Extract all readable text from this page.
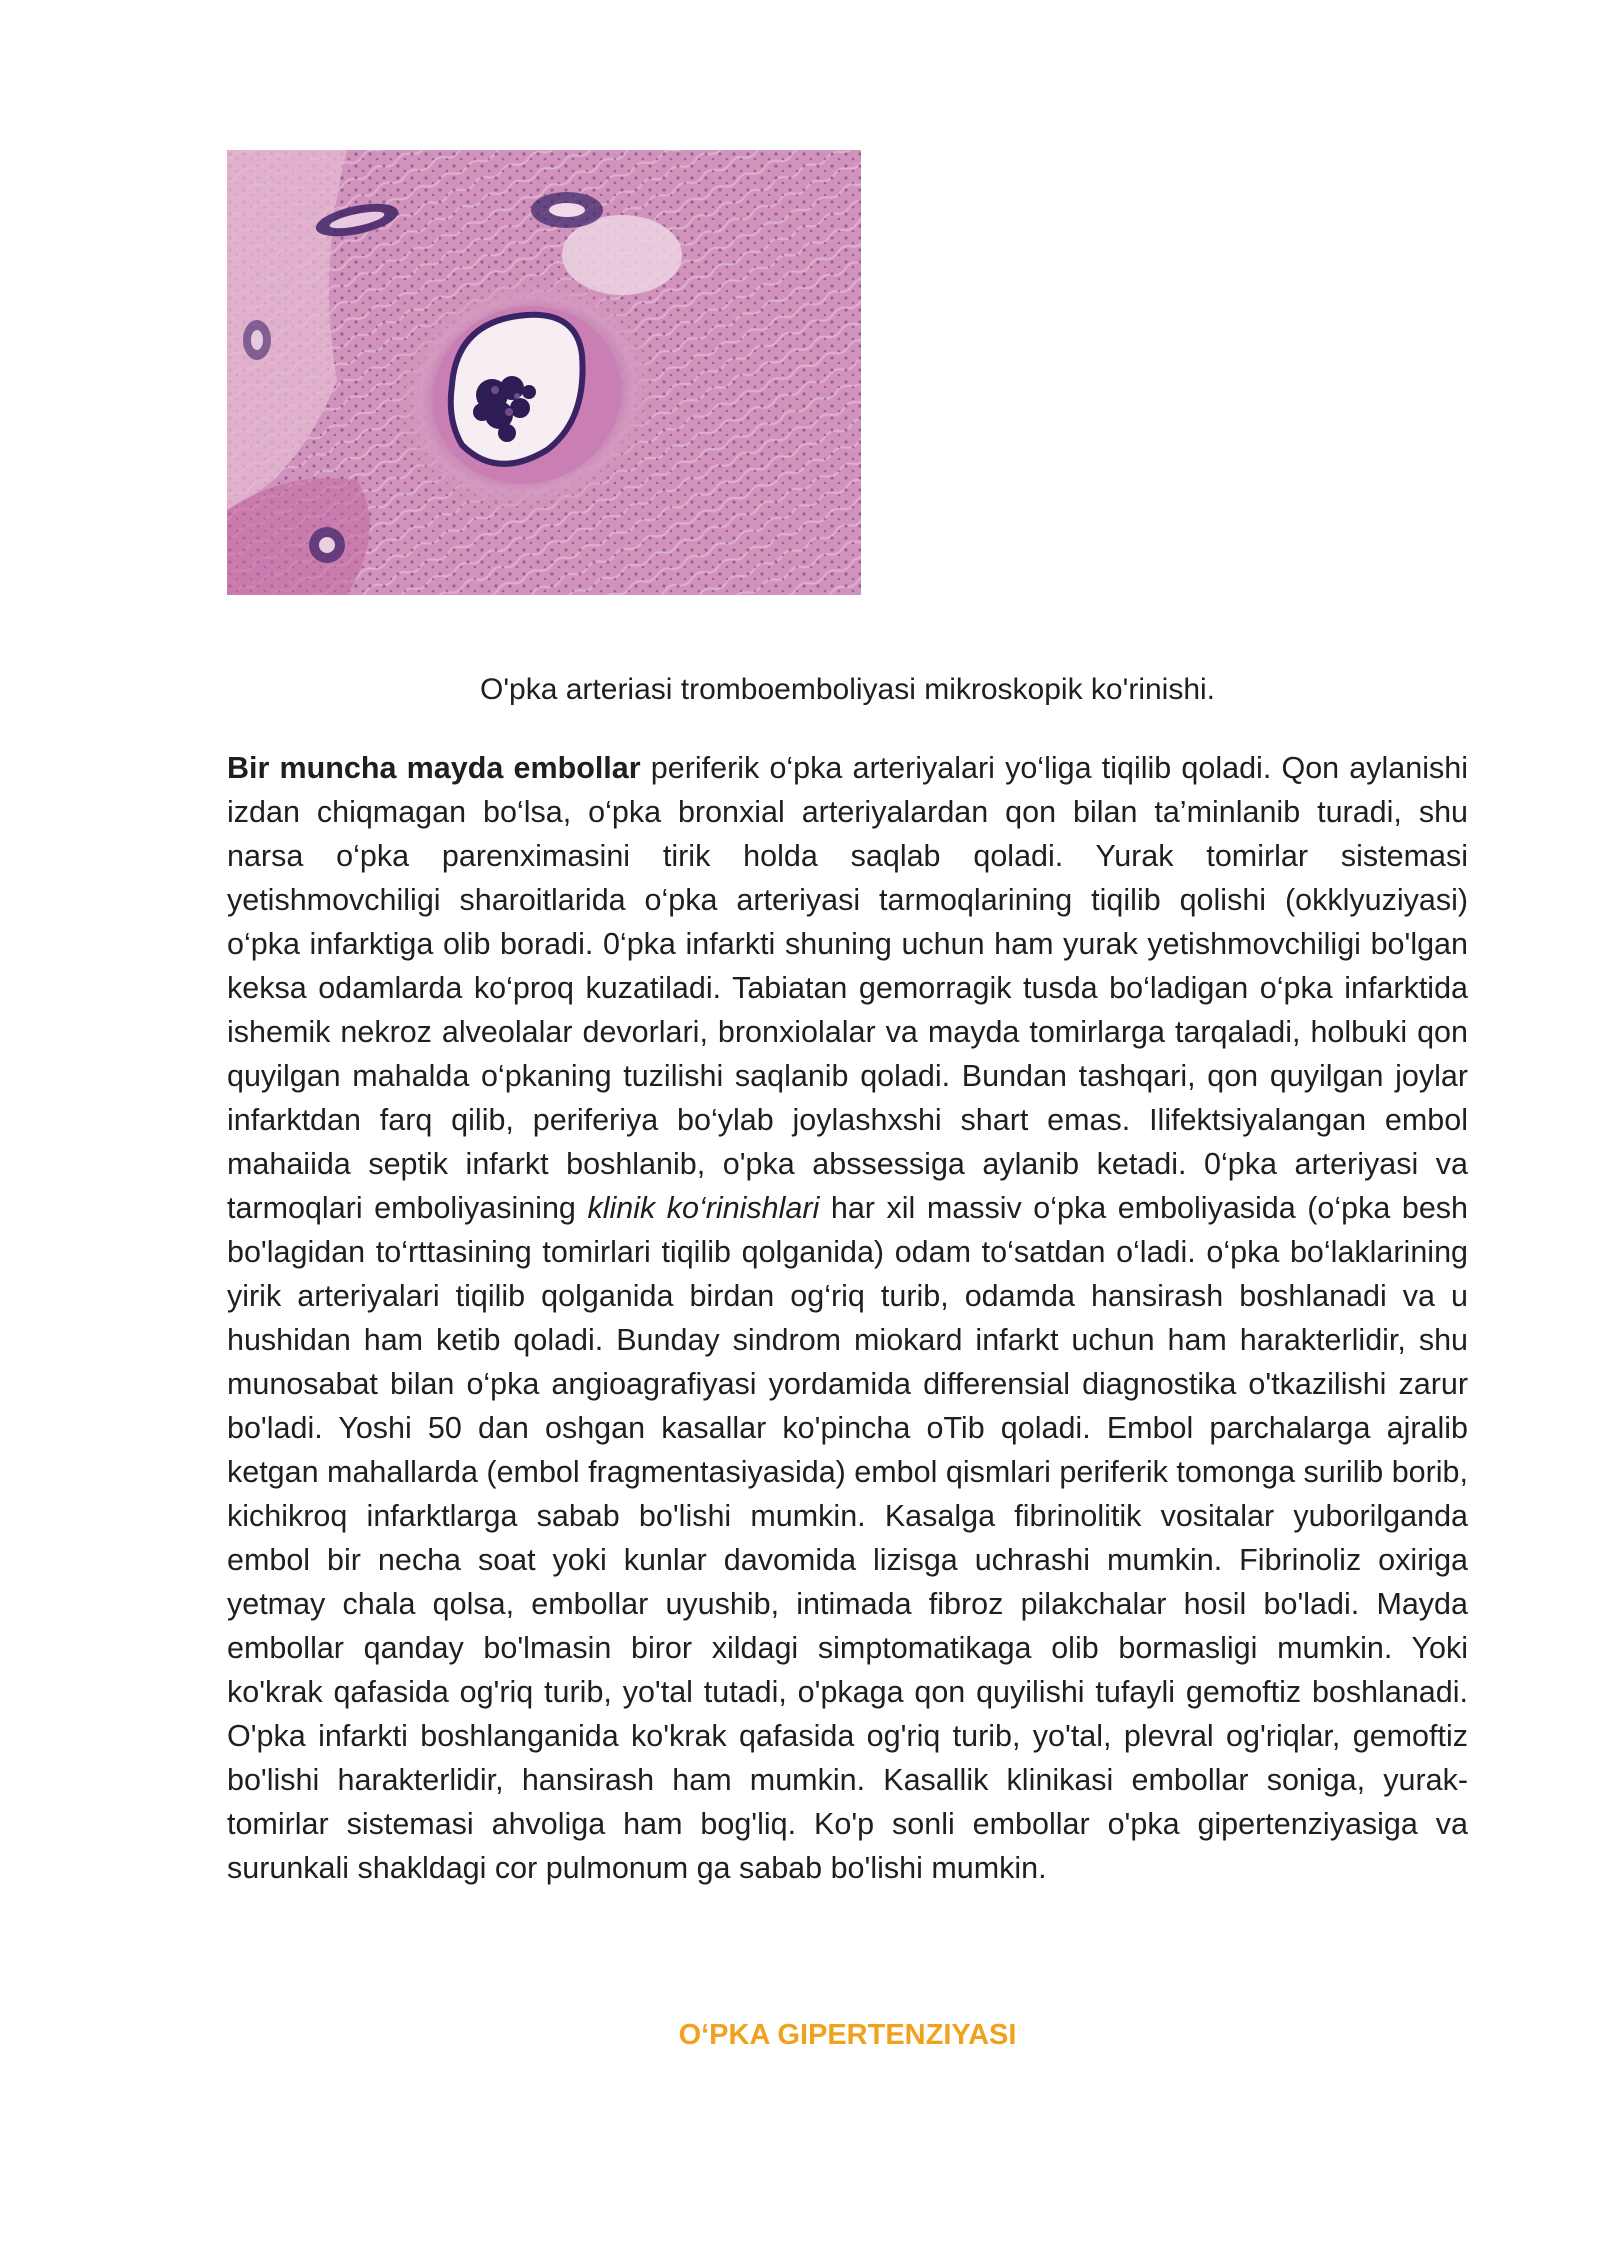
O'pka arteriasi tromboemboliyasi mikroskopik ko'rinishi.

Bir muncha mayda embollar periferik o‘pka arteriyalari yo‘liga tiqilib qoladi. Qon aylanishi izdan chiqmagan bo‘lsa, o‘pka bronxial arteriyalardan qon bilan ta’minlanib turadi, shu narsa o‘pka parenximasini tirik holda saqlab qoladi. Yurak tomirlar sistemasi yetishmovchiligi sharoitlarida o‘pka arteriyasi tarmoqlarining tiqilib qolishi (okklyuziyasi) o‘pka infarktiga olib boradi. 0‘pka infarkti shuning uchun ham yurak yetishmovchiligi bo'lgan keksa odamlarda ko‘proq kuzatiladi. Tabiatan gemorragik tusda bo‘ladigan o‘pka infarktida ishemik nekroz alveolalar devorlari, bronxiolalar va mayda tomirlarga tarqaladi, holbuki qon quyilgan mahalda o‘pkaning tuzilishi saqlanib qoladi. Bundan tashqari, qon quyilgan joylar infarktdan farq qilib, periferiya bo‘ylab joylashxshi shart emas. Ilifektsiyalangan embol mahaiida septik infarkt boshlanib, o'pka abssessiga aylanib ketadi. 0‘pka arteriyasi va tarmoqlari emboliyasining klinik ko‘rinishlari har xil massiv o‘pka emboliyasida (o‘pka besh bo'lagidan to‘rttasining tomirlari tiqilib qolganida) odam to‘satdan o‘ladi. o‘pka bo‘laklarining yirik arteriyalari tiqilib qolganida birdan og‘riq turib, odamda hansirash boshlanadi va u hushidan ham ketib qoladi. Bunday sindrom miokard infarkt uchun ham harakterlidir, shu munosabat bilan o‘pka angioagrafiyasi yordamida differensial diagnostika o'tkazilishi zarur bo'ladi. Yoshi 50 dan oshgan kasallar ko'pincha oTib qoladi. Embol parchalarga ajralib ketgan mahallarda (embol fragmentasiyasida) embol qismlari periferik tomonga surilib borib, kichikroq infarktlarga sabab bo'lishi mumkin. Kasalga fibrinolitik vositalar yuborilganda embol bir necha soat yoki kunlar davomida lizisga uchrashi mumkin. Fibrinoliz oxiriga yetmay chala qolsa, embollar uyushib, intimada fibroz pilakchalar hosil bo'ladi. Mayda embollar qanday bo'lmasin biror xildagi simptomatikaga olib bormasligi mumkin. Yoki ko'krak qafasida og'riq turib, yo'tal tutadi, o'pkaga qon quyilishi tufayli gemoftiz boshlanadi. O'pka infarkti boshlanganida ko'krak qafasida og'riq turib, yo'tal, plevral og'riqlar, gemoftiz bo'lishi harakterlidir, hansirash ham mumkin. Kasallik klinikasi embollar soniga, yurak-tomirlar sistemasi ahvoliga ham bog'liq. Ko'p sonli embollar o'pka gipertenziyasiga va surunkali shakldagi cor pulmonum ga sabab bo'lishi mumkin.

O‘PKA GIPERTENZIYASI
